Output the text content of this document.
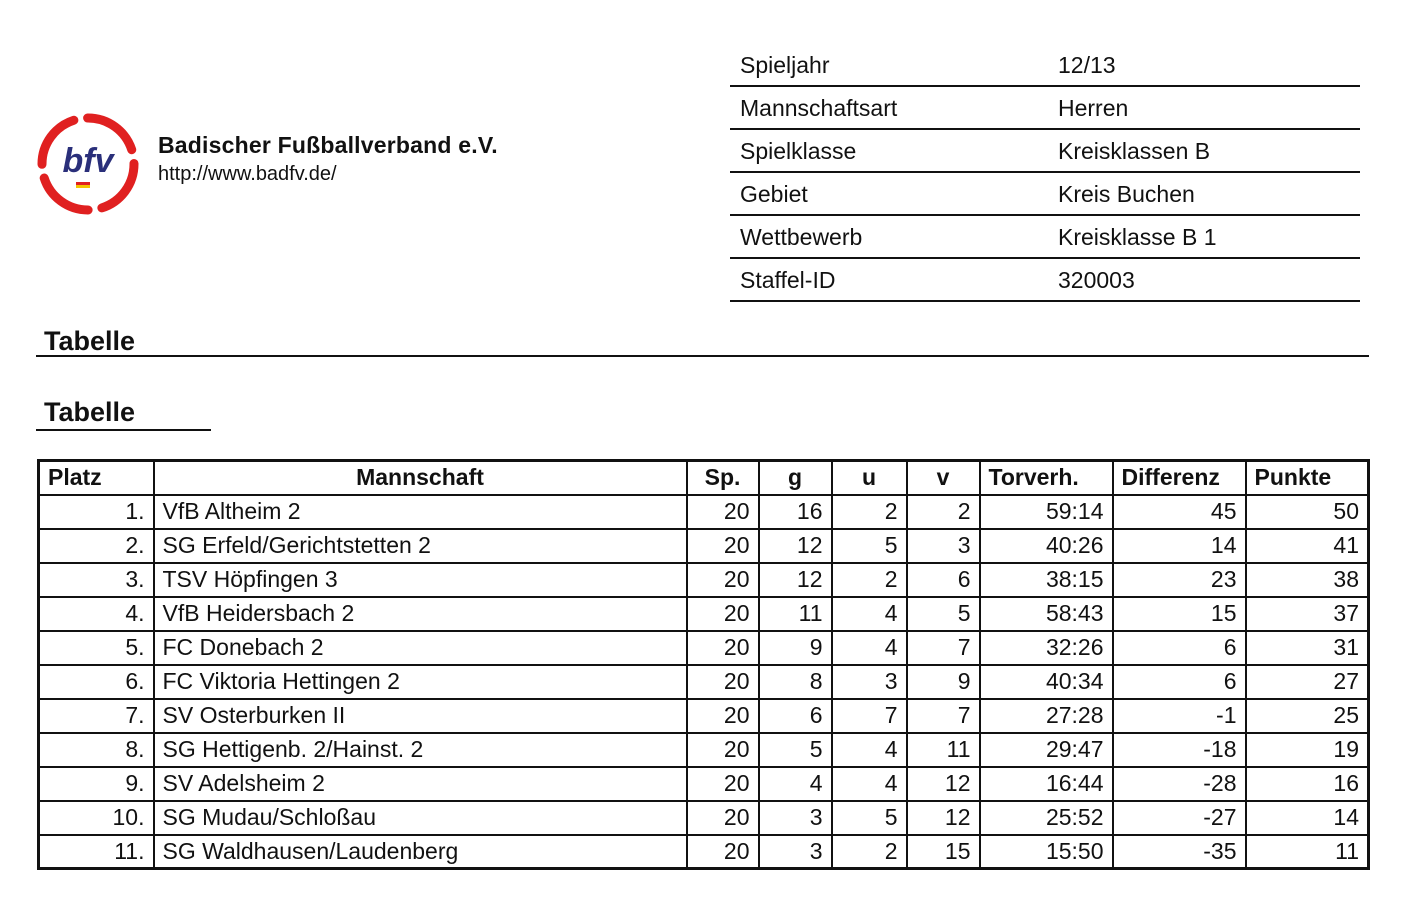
bfv Badischer Fußballverband e.V.
http://www.badfv.de/
Spieljahr	12/13
Mannschaftsart	Herren
Spielklasse	Kreisklassen B
Gebiet	Kreis Buchen
Wettbewerb	Kreisklasse B 1
Staffel-ID	320003
Tabelle
Tabelle
Platz	Mannschaft	Sp.	g	u	v	Torverh.	Differenz	Punkte
1.	VfB Altheim 2	20	16	2	2	59:14	45	50
2.	SG Erfeld/Gerichtstetten 2	20	12	5	3	40:26	14	41
3.	TSV Höpfingen 3	20	12	2	6	38:15	23	38
4.	VfB Heidersbach 2	20	11	4	5	58:43	15	37
5.	FC Donebach 2	20	9	4	7	32:26	6	31
6.	FC Viktoria Hettingen 2	20	8	3	9	40:34	6	27
7.	SV Osterburken II	20	6	7	7	27:28	-1	25
8.	SG Hettigenb. 2/Hainst. 2	20	5	4	11	29:47	-18	19
9.	SV Adelsheim 2	20	4	4	12	16:44	-28	16
10.	SG Mudau/Schloßau	20	3	5	12	25:52	-27	14
11.	SG Waldhausen/Laudenberg	20	3	2	15	15:50	-35	11
